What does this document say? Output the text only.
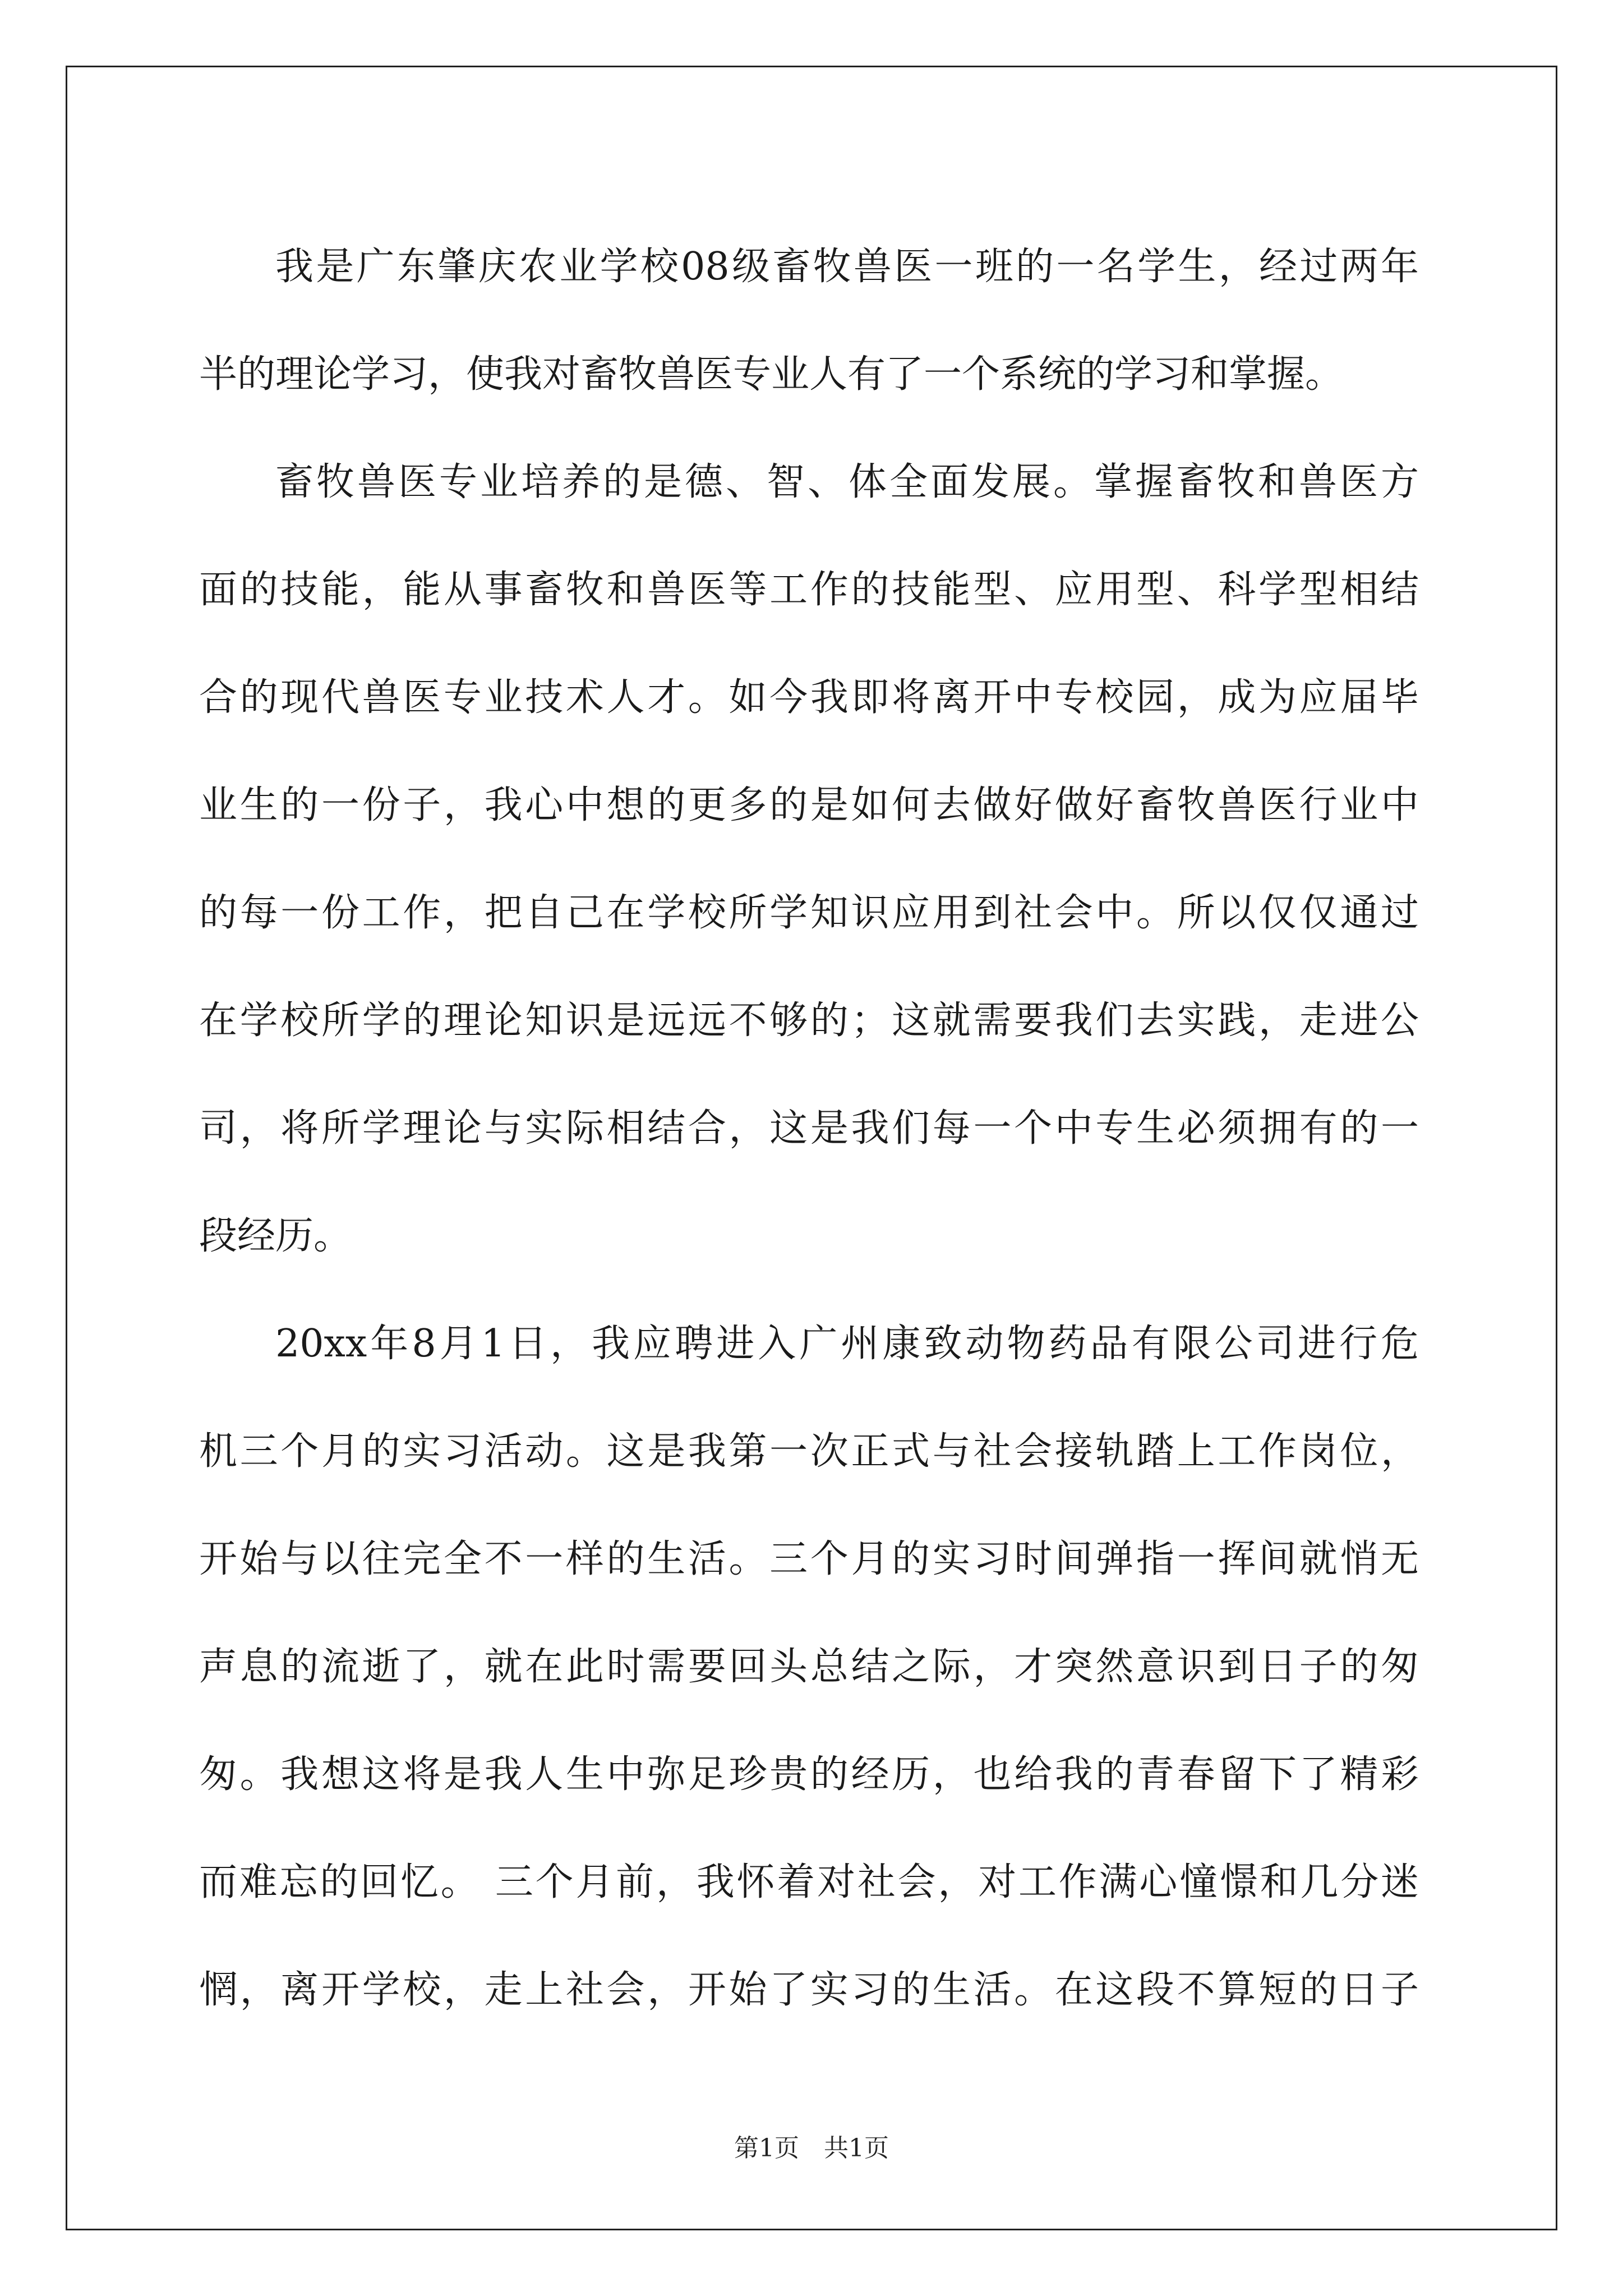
我是广东肇庆农业学校08级畜牧兽医一班的一名学生，经过两年
半的理论学习，使我对畜牧兽医专业人有了一个系统的学习和掌握。
畜牧兽医专业培养的是德、智、体全面发展。掌握畜牧和兽医方
面的技能，能从事畜牧和兽医等工作的技能型、应用型、科学型相结
合的现代兽医专业技术人才。如今我即将离开中专校园，成为应届毕
业生的一份子，我心中想的更多的是如何去做好做好畜牧兽医行业中
的每一份工作，把自己在学校所学知识应用到社会中。所以仅仅通过
在学校所学的理论知识是远远不够的；这就需要我们去实践，走进公
司，将所学理论与实际相结合，这是我们每一个中专生必须拥有的一
段经历。
20xx年8月1日，我应聘进入广州康致动物药品有限公司进行危
机三个月的实习活动。这是我第一次正式与社会接轨踏上工作岗位，
开始与以往完全不一样的生活。三个月的实习时间弹指一挥间就悄无
声息的流逝了，就在此时需要回头总结之际，才突然意识到日子的匆
匆。我想这将是我人生中弥足珍贵的经历，也给我的青春留下了精彩
而难忘的回忆。 三个月前，我怀着对社会，对工作满心憧憬和几分迷
惘，离开学校，走上社会，开始了实习的生活。在这段不算短的日子
第1页 共1页
